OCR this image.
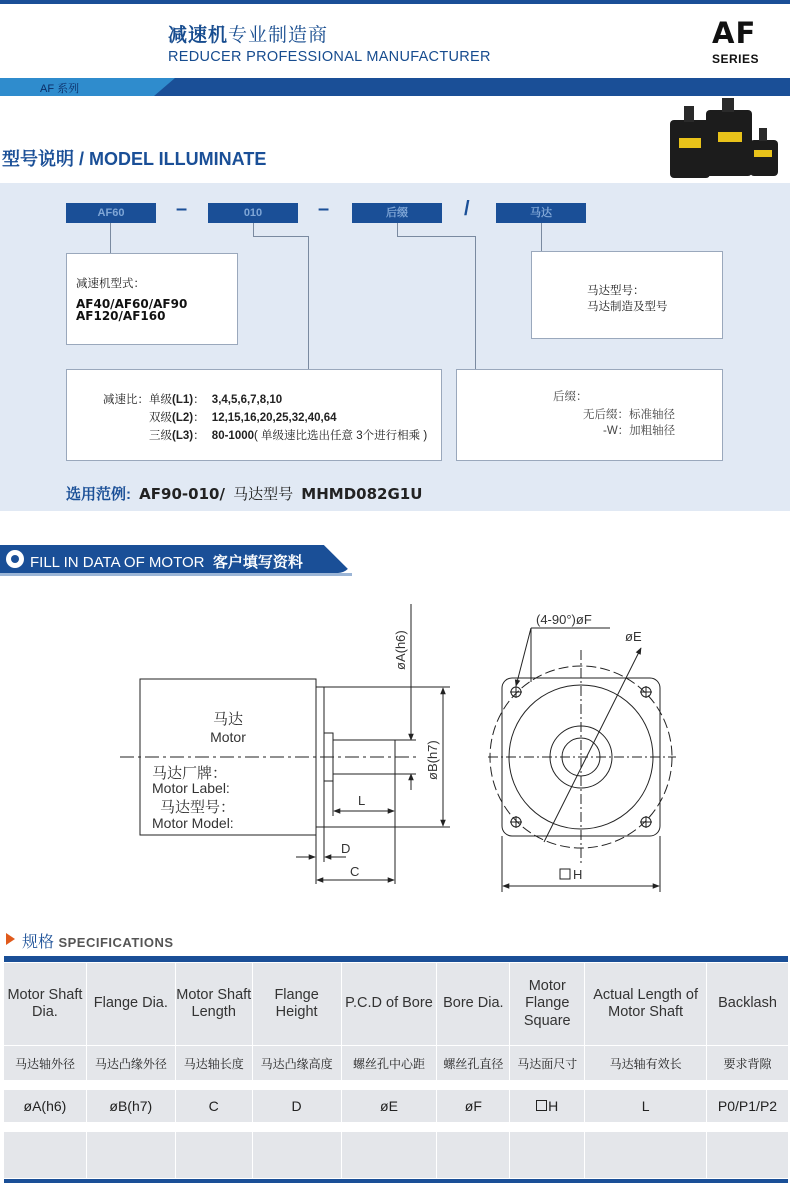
减速机专业制造商
REDUCER PROFESSIONAL MANUFACTURER
AF
SERIES
AF 系列
型号说明 / MODEL ILLUMINATE
AF60	–	010	–	后缀	/	马达
减速机型式：
AF40/AF60/AF90
AF120/AF160
马达型号：
马达制造及型号
减速比：单级(L1)： 3,4,5,6,7,8,10
双级(L2)： 12,15,16,20,25,32,40,64
三级(L3)： 80-1000( 单级速比选出任意 3个进行相乘 )
后缀：
无后缀：标准轴径
-W：加粗轴径
选用范例: AF90-010/ 马达型号 MHMD082G1U
FILL IN DATA OF MOTOR 客户填写资料
马达
Motor
马达厂牌：
Motor Label:
马达型号：
Motor Model:
øA(h6)
øB(h7)
L
D
C
(4-90°)øF
øE
H
规格 SPECIFICATIONS

Motor Shaft Dia.	Flange Dia.	Motor Shaft Length	Flange Height	P.C.D of Bore	Bore Dia.	Motor Flange Square	Actual Length of Motor Shaft	Backlash
马达轴外径	马达凸缘外径	马达轴长度	马达凸缘高度	螺丝孔中心距	螺丝孔直径	马达面尺寸	马达轴有效长	要求背隙

øA(h6)	øB(h7)	C	D	øE	øF	H	L	P0/P1/P2
